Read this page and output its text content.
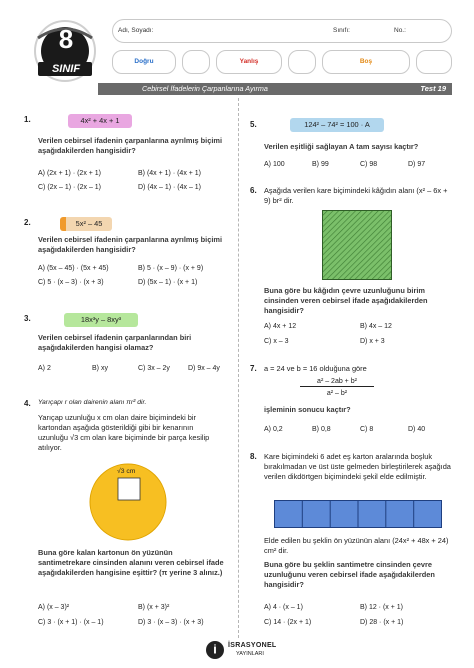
8
SINIF
Adı, Soyadı:	Sınıfı:	No.:
Doğru	Yanlış	Boş
Cebirsel İfadelerin Çarpanlarına Ayırma	Test 19
1.	4x² + 4x + 1
Verilen cebirsel ifadenin çarpanlarına ayrılmış biçimi aşağıdakilerden hangisidir?
A) (2x + 1) · (2x + 1)	B) (4x + 1) · (4x + 1)
C) (2x – 1) · (2x – 1)	D) (4x – 1) · (4x – 1)
2.	5x² – 45
Verilen cebirsel ifadenin çarpanlarına ayrılmış biçimi aşağıdakilerden hangisidir?
A) (5x – 45) · (5x + 45)	B) 5 · (x – 9) · (x + 9)
C) 5 · (x – 3) · (x + 3)	D) (5x – 1) · (x + 1)
3.	18x³y – 8xy³
Verilen cebirsel ifadenin çarpanlarından biri aşağıdakilerden hangisi olamaz?
A) 2	B) xy	C) 3x – 2y	D) 9x – 4y
4. Yarıçapı r olan dairenin alanı πr² dir.
Yarıçap uzunluğu x cm olan daire biçimindeki bir kartondan aşağıda gösterildiği gibi bir kenarının uzunluğu √3 cm olan kare biçiminde bir parça kesilip atılıyor.
√3 cm
Buna göre kalan kartonun ön yüzünün santimetrekare cinsinden alanını veren cebirsel ifade aşağıdakilerden hangisine eşittir? (π yerine 3 alınız.)
A) (x – 3)²	B) (x + 3)²
C) 3 · (x + 1) · (x – 1)	D) 3 · (x – 3) · (x + 3)
5.	124² – 74² = 100 · A
Verilen eşitliği sağlayan A tam sayısı kaçtır?
A) 100	B) 99	C) 98	D) 97
6. Aşağıda verilen kare biçimindeki kâğıdın alanı (x² – 6x + 9) br² dir.
Buna göre bu kâğıdın çevre uzunluğunu birim cinsinden veren cebirsel ifade aşağıdakilerden hangisidir?
A) 4x + 12	B) 4x – 12
C) x – 3	D) x + 3
7. a = 24 ve b = 16 olduğuna göre
a² – 2ab + b²
a² – b²
işleminin sonucu kaçtır?
A) 0,2	B) 0,8	C) 8	D) 40
8. Kare biçimindeki 6 adet eş karton aralarında boşluk bırakılmadan ve üst üste gelmeden birleştirilerek aşağıda verilen dikdörtgen biçimindeki şekil elde edilmiştir.
Elde edilen bu şeklin ön yüzünün alanı (24x² + 48x + 24) cm² dir.
Buna göre bu şeklin santimetre cinsinden çevre uzunluğunu veren cebirsel ifade aşağıdakilerden hangisidir?
A) 4 · (x – 1)	B) 12 · (x + 1)
C) 14 · (2x + 1)	D) 28 · (x + 1)
İ İSRASYONEL
YAYINLARI
